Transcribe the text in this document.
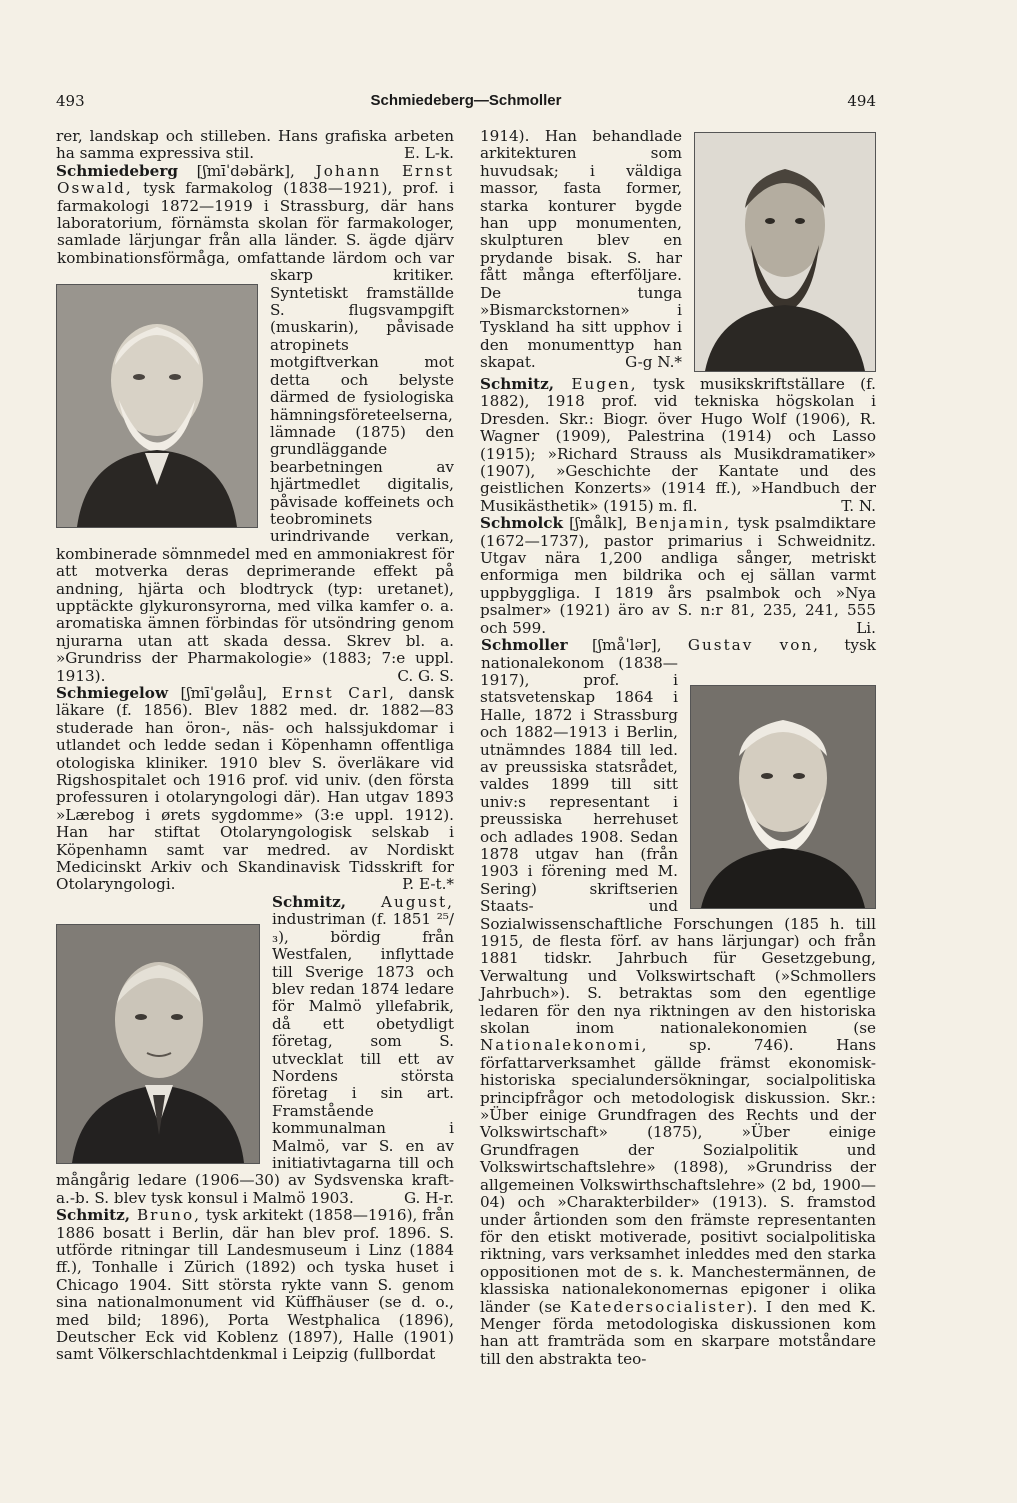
493	Schmiedeberg—Schmoller	494

rer, landskap och stilleben. Hans grafiska arbeten ha samma expressiva stil.	E. L-k.

Schmiedeberg [ʃmīˈdəbärk], Johann Ernst Oswald,
tysk farmakolog (1838—1921), prof. i farmakologi 1872—1919 i Strassburg, där hans laboratorium, förnämsta skolan för farmakologer, samlade lärjungar från alla länder. S. ägde djärv kombinationsförmåga, omfattande lärdom och var skarp kritiker. Syntetiskt framställde S. flugsvampgift (muskarin), påvisade atropinets motgiftverkan mot detta och belyste därmed de fysiologiska hämningsföreteelserna, lämnade (1875) den grundläggande bearbetningen av hjärtmedlet digitalis, påvisade koffeinets och teobrominets urindrivande verkan, kombinerade sömnmedel med en ammoniakrest för att motverka deras deprimerande effekt på andning, hjärta och blodtryck (typ: uretanet), upptäckte glykuronsyrorna, med vilka kamfer o. a. aromatiska ämnen förbindas för utsöndring genom njurarna utan att skada dessa. Skrev bl. a. »Grundriss der Pharmakologie» (1883; 7:e uppl. 1913).	C. G. S.

Schmiegelow [ʃmīˈgəlåu], Ernst Carl, dansk läkare (f. 1856). Blev 1882 med. dr. 1882—83 studerade han öron-, näs- och halssjukdomar i utlandet och ledde sedan i Köpenhamn offentliga otologiska kliniker. 1910 blev S. överläkare vid Rigshospitalet och 1916 prof. vid univ. (den första professuren i otolaryngologi där). Han utgav 1893 »Lærebog i ørets sygdomme» (3:e uppl. 1912). Han har stiftat Otolaryngologisk selskab i Köpenhamn samt var medred. av Nordiskt Medicinskt Arkiv och Skandinavisk Tidsskrift for Otolaryngologi.	P. E-t.*

Schmitz, August,
industriman (f. 1851 ²⁵/₃), bördig från Westfalen, inflyttade till Sverige 1873 och blev redan 1874 ledare för Malmö yllefabrik, då ett obetydligt företag, som S. utvecklat till ett av Nordens största företag i sin art. Framstående kommunalman i Malmö, var S. en av initiativtagarna till och mångårig ledare (1906—30) av Sydsvenska kraft-a.-b. S. blev tysk konsul i Malmö 1903.	G. H-r.

Schmitz, Bruno, tysk arkitekt (1858—1916), från 1886 bosatt i Berlin, där han blev prof. 1896. S. utförde ritningar till Landesmuseum i Linz (1884 ff.), Tonhalle i Zürich (1892) och tyska huset i Chicago 1904. Sitt största rykte vann S. genom sina nationalmonument vid Küffhäuser (se d. o., med bild; 1896), Porta Westphalica (1896), Deutscher Eck vid Koblenz (1897), Halle (1901) samt Völkerschlachtdenkmal i Leipzig (fullbordat

1914). Han behandlade arkitekturen som huvudsak; i väldiga massor, fasta former, starka konturer bygde han upp monumenten, skulpturen blev en prydande bisak. S. har fått många efterföljare. De tunga »Bismarckstornen» i Tyskland ha sitt upphov i den monumenttyp han skapat.	G-g N.*

Schmitz, Eugen, tysk musikskriftställare (f. 1882), 1918 prof. vid tekniska högskolan i Dresden. Skr.: Biogr. över Hugo Wolf (1906), R. Wagner (1909), Palestrina (1914) och Lasso (1915); »Richard Strauss als Musikdramatiker» (1907), »Geschichte der Kantate und des geistlichen Konzerts» (1914 ff.), »Handbuch der Musikästhetik» (1915) m. fl.	T. N.

Schmolck [ʃmålk], Benjamin, tysk psalmdiktare (1672—1737), pastor primarius i Schweidnitz. Utgav nära 1,200 andliga sånger, metriskt enformiga men bildrika och ej sällan varmt uppbyggliga. I 1819 års psalmbok och »Nya psalmer» (1921) äro av S. n:r 81, 235, 241, 555 och 599.	Li.

Schmoller [ʃmåˈlər], Gustav von,
tysk nationalekonom (1838—1917), prof. i statsvetenskap 1864 i Halle, 1872 i Strassburg och 1882—1913 i Berlin, utnämndes 1884 till led. av preussiska statsrådet, valdes 1899 till sitt univ:s representant i preussiska herrehuset och adlades 1908. Sedan 1878 utgav han (från 1903 i förening med M. Sering) skriftserien Staats- und Sozialwissenschaftliche Forschungen (185 h. till 1915, de flesta förf. av hans lärjungar) och från 1881 tidskr. Jahrbuch für Gesetzgebung, Verwaltung und Volkswirtschaft (»Schmollers Jahrbuch»). S. betraktas som den egentlige ledaren för den nya riktningen av den historiska skolan inom nationalekonomien (se Nationalekonomi, sp. 746). Hans författarverksamhet gällde främst ekonomisk-historiska specialundersökningar, socialpolitiska principfrågor och metodologisk diskussion. Skr.: »Über einige Grundfragen des Rechts und der Volkswirtschaft» (1875), »Über einige Grundfragen der Sozialpolitik und Volkswirtschaftslehre» (1898), »Grundriss der allgemeinen Volkswirthschaftslehre» (2 bd, 1900—04) och »Charakterbilder» (1913). S. framstod under årtionden som den främste representanten för den etiskt motiverade, positivt socialpolitiska riktning, vars verksamhet inleddes med den starka oppositionen mot de s. k. Manchestermännen, de klassiska nationalekonomernas epigoner i olika länder (se Katedersocialister). I den med K. Menger förda metodologiska diskussionen kom han att framträda som en skarpare motståndare till den abstrakta teo-
